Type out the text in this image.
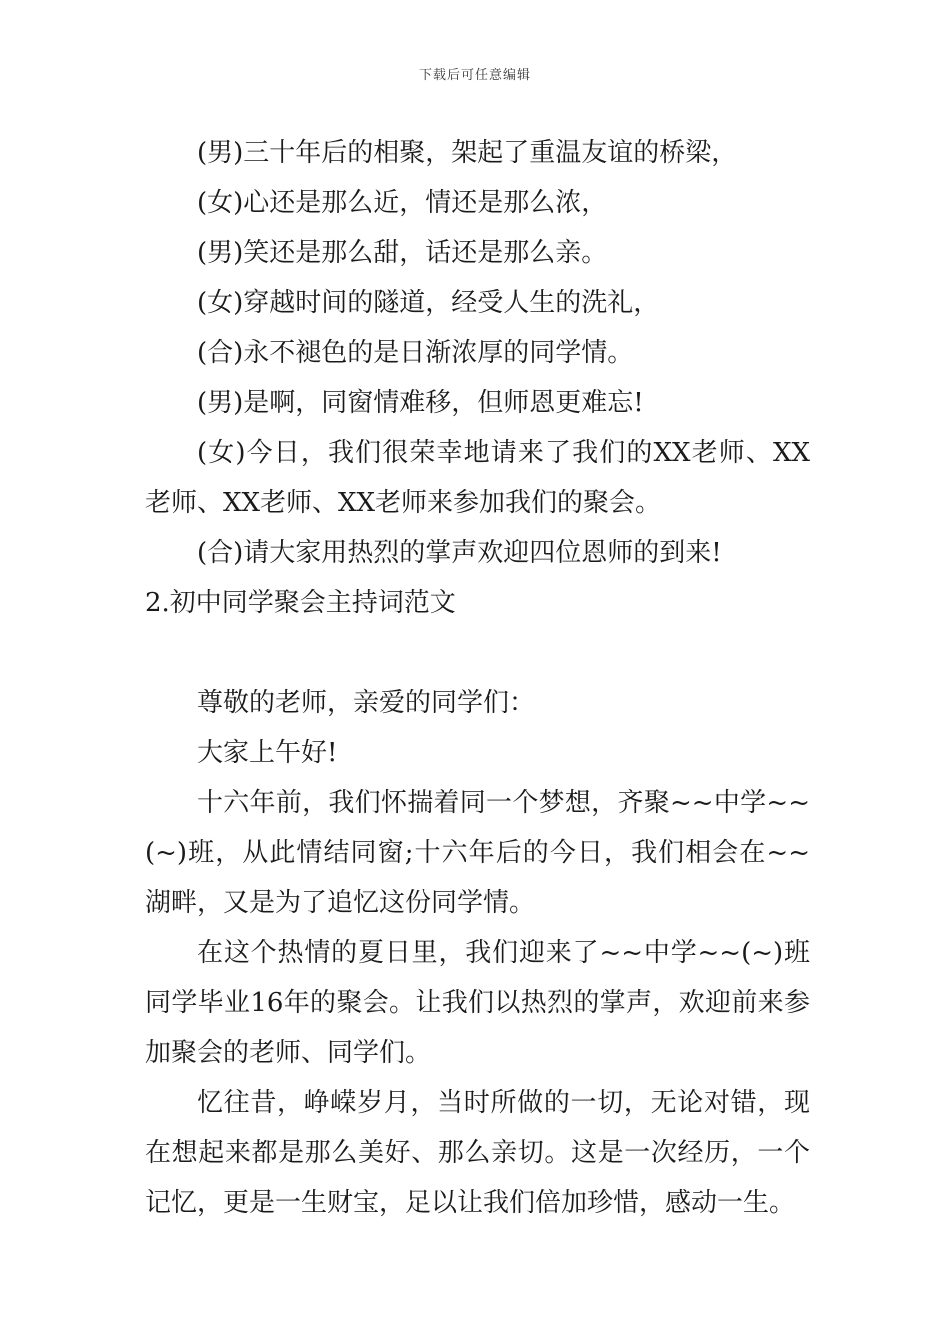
下载后可任意编辑

(男)三十年后的相聚，架起了重温友谊的桥梁，

(女)心还是那么近，情还是那么浓，

(男)笑还是那么甜，话还是那么亲。

(女)穿越时间的隧道，经受人生的洗礼，

(合)永不褪色的是日渐浓厚的同学情。

(男)是啊，同窗情难移，但师恩更难忘!

(女)今日，我们很荣幸地请来了我们的XX老师、XX老师、XX老师、XX老师来参加我们的聚会。

(合)请大家用热烈的掌声欢迎四位恩师的到来!

2.初中同学聚会主持词范文

尊敬的老师，亲爱的同学们：

大家上午好!

十六年前，我们怀揣着同一个梦想，齐聚~~中学~~(~)班，从此情结同窗;十六年后的今日，我们相会在~~湖畔，又是为了追忆这份同学情。

在这个热情的夏日里，我们迎来了~~中学~~(~)班同学毕业16年的聚会。让我们以热烈的掌声，欢迎前来参加聚会的老师、同学们。

忆往昔，峥嵘岁月，当时所做的一切，无论对错，现在想起来都是那么美好、那么亲切。这是一次经历，一个记忆，更是一生财宝，足以让我们倍加珍惜，感动一生。
